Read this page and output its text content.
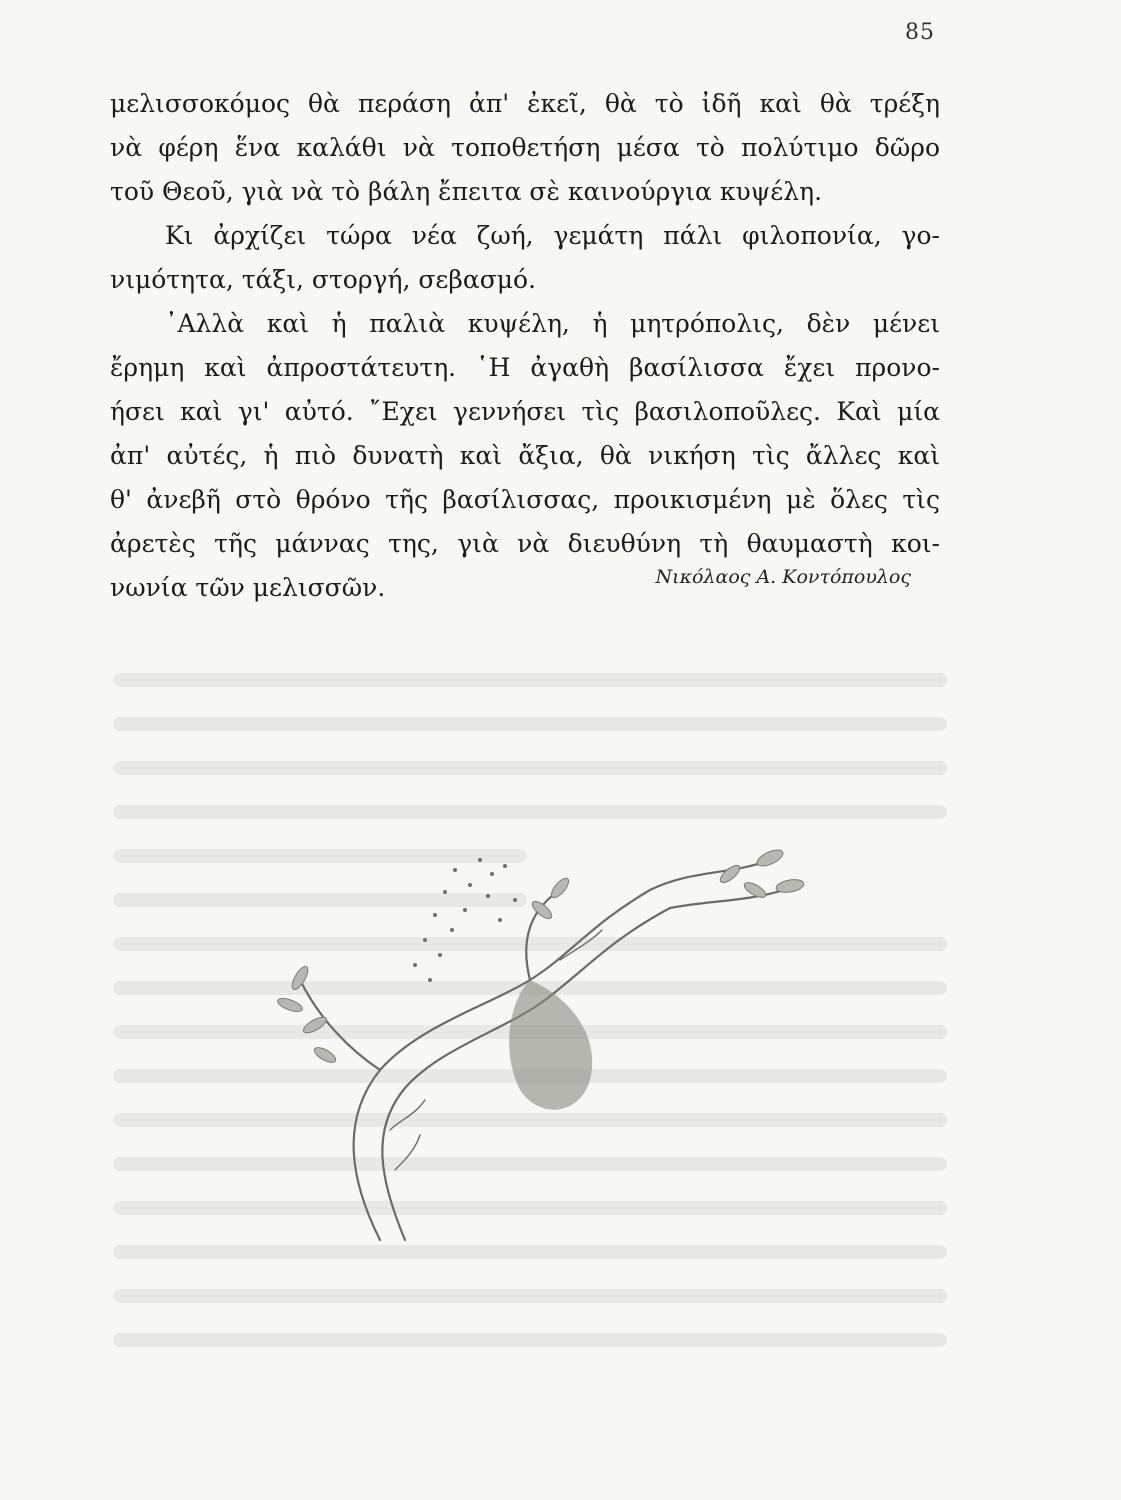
85
μελισσοκόμος θὰ περάση ἀπ' ἐκεῖ, θὰ τὸ ἰδῆ καὶ θὰ τρέξη
νὰ φέρη ἕνα καλάθι νὰ τοποθετήση μέσα τὸ πολύτιμο δῶρο
τοῦ Θεοῦ, γιὰ νὰ τὸ βάλη ἔπειτα σὲ καινούργια κυψέλη.
Κι ἀρχίζει τώρα νέα ζωή, γεμάτη πάλι φιλοπονία, γο-
νιμότητα, τάξι, στοργή, σεβασμό.
᾿Αλλὰ καὶ ἡ παλιὰ κυψέλη, ἡ μητρόπολις, δὲν μένει
ἔρημη καὶ ἀπροστάτευτη. ῾Η ἀγαθὴ βασίλισσα ἔχει προνο-
ήσει καὶ γι' αὐτό. ῎Εχει γεννήσει τὶς βασιλοποῦλες. Καὶ μία
ἀπ' αὐτές, ἡ πιὸ δυνατὴ καὶ ἄξια, θὰ νικήση τὶς ἄλλες καὶ
θ' ἀνεβῆ στὸ θρόνο τῆς βασίλισσας, προικισμένη μὲ ὅλες τὶς
ἀρετὲς τῆς μάννας της, γιὰ νὰ διευθύνη τὴ θαυμαστὴ κοι-
νωνία τῶν μελισσῶν.	Νικόλαος Α. Κοντόπουλος
